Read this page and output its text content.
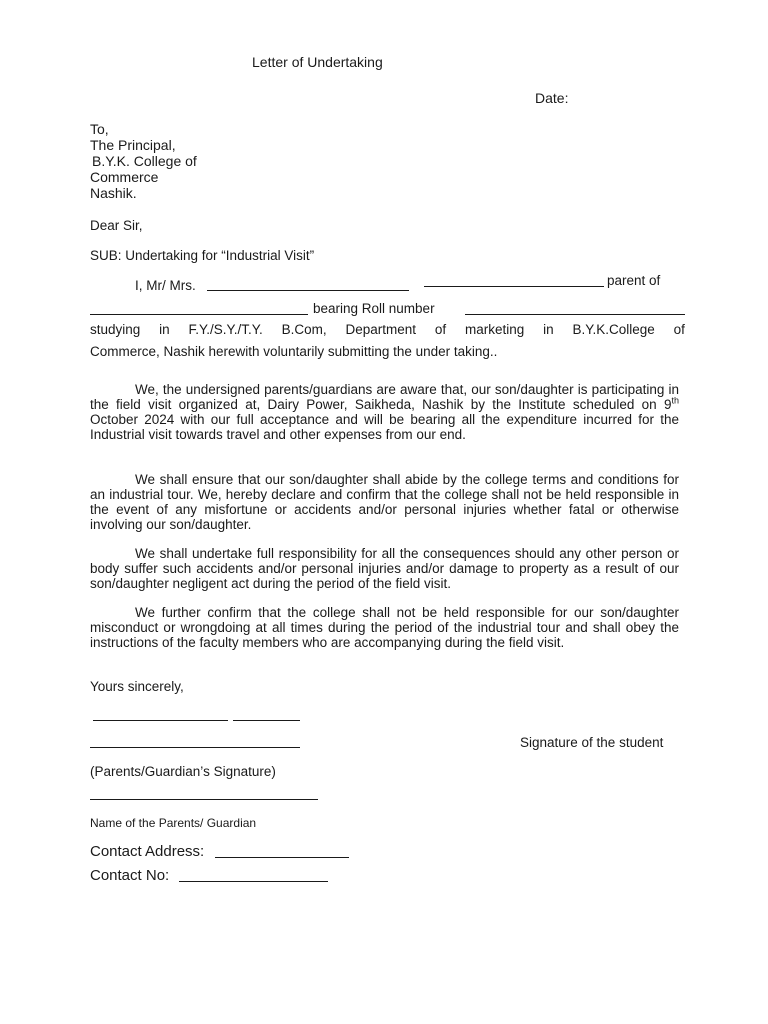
Letter of Undertaking
Date:
To,
The Principal,
B.Y.K. College of
Commerce
Nashik.
Dear Sir,
SUB: Undertaking for “Industrial Visit”
I, Mr/ Mrs.	parent of
bearing Roll number
studying in F.Y./S.Y./T.Y. B.Com, Department of marketing in B.Y.K.College of
Commerce, Nashik herewith voluntarily submitting the under taking..

We, the undersigned parents/guardians are aware that, our son/daughter is participating in the field visit organized at, Dairy Power, Saikheda, Nashik by the Institute scheduled on 9th October 2024 with our full acceptance and will be bearing all the expenditure incurred for the Industrial visit towards travel and other expenses from our end.

We shall ensure that our son/daughter shall abide by the college terms and conditions for an industrial tour. We, hereby declare and confirm that the college shall not be held responsible in the event of any misfortune or accidents and/or personal injuries whether fatal or otherwise involving our son/daughter.

We shall undertake full responsibility for all the consequences should any other person or body suffer such accidents and/or personal injuries and/or damage to property as a result of our son/daughter negligent act during the period of the field visit.

We further confirm that the college shall not be held responsible for our son/daughter misconduct or wrongdoing at all times during the period of the industrial tour and shall obey the instructions of the faculty members who are accompanying during the field visit.

Yours sincerely,
Signature of the student
(Parents/Guardian’s Signature)
Name of the Parents/ Guardian
Contact Address:
Contact No:
